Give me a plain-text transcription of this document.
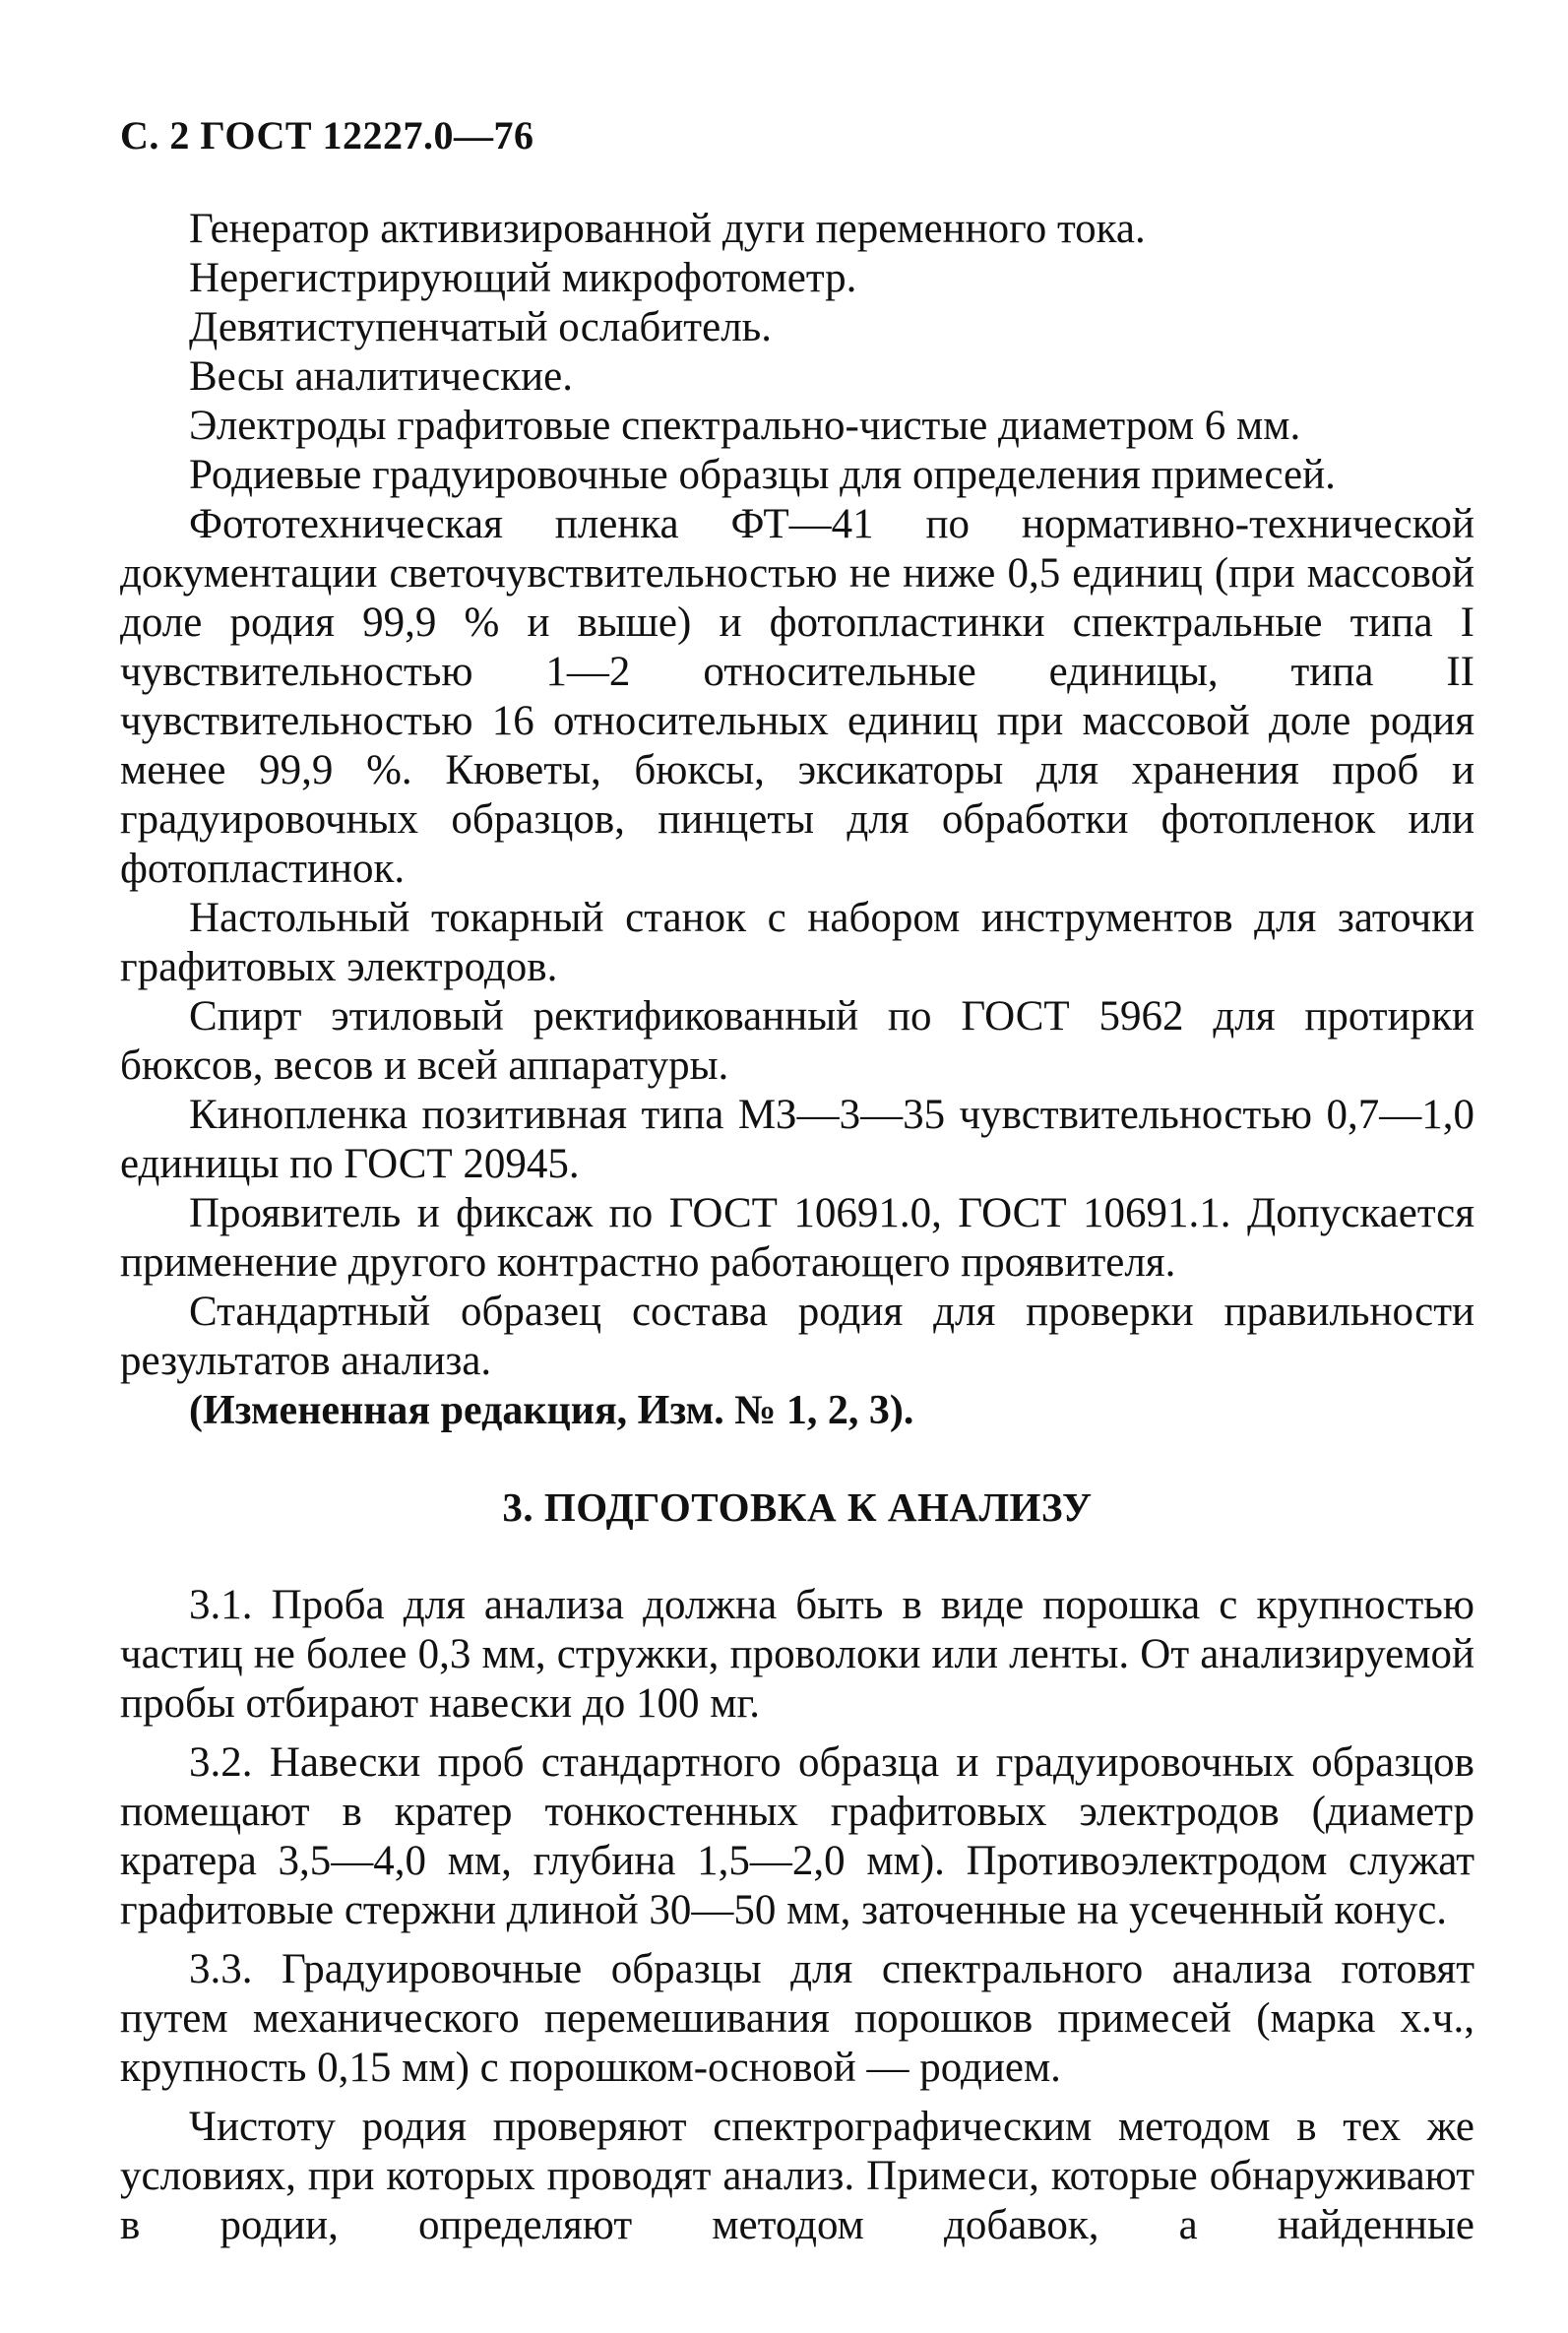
С. 2 ГОСТ 12227.0—76

Генератор активизированной дуги переменного тока.

Нерегистрирующий микрофотометр.

Девятиступенчатый ослабитель.

Весы аналитические.

Электроды графитовые спектрально-чистые диаметром 6 мм.

Родиевые градуировочные образцы для определения примесей.

Фототехническая пленка ФТ—41 по нормативно-технической документации светочувствительностью не ниже 0,5 единиц (при массовой доле родия 99,9 % и выше) и фотопластинки спектральные типа I чувствительностью 1—2 относительные единицы, типа II чувствительностью 16 относительных единиц при массовой доле родия менее 99,9 %. Кюветы, бюксы, эксикаторы для хранения проб и градуировочных образцов, пинцеты для обработки фотопленок или фотопластинок.

Настольный токарный станок с набором инструментов для заточки графитовых электродов.

Спирт этиловый ректификованный по ГОСТ 5962 для протирки бюксов, весов и всей аппаратуры.

Кинопленка позитивная типа МЗ—3—35 чувствительностью 0,7—1,0 единицы по ГОСТ 20945.

Проявитель и фиксаж по ГОСТ 10691.0, ГОСТ 10691.1. Допускается применение другого контрастно работающего проявителя.

Стандартный образец состава родия для проверки правильности результатов анализа.

(Измененная редакция, Изм. № 1, 2, 3).

3. ПОДГОТОВКА К АНАЛИЗУ

3.1. Проба для анализа должна быть в виде порошка с крупностью частиц не более 0,3 мм, стружки, проволоки или ленты. От анализируемой пробы отбирают навески до 100 мг.

3.2. Навески проб стандартного образца и градуировочных образцов помещают в кратер тонкостенных графитовых электродов (диаметр кратера 3,5—4,0 мм, глубина 1,5—2,0 мм). Противоэлектродом служат графитовые стержни длиной 30—50 мм, заточенные на усеченный конус.

3.3. Градуировочные образцы для спектрального анализа готовят путем механического перемешивания порошков примесей (марка х.ч., крупность 0,15 мм) с порошком-основой — родием.

Чистоту родия проверяют спектрографическим методом в тех же условиях, при которых проводят анализ. Примеси, которые обнаруживают в родии, определяют методом добавок, а найденные
